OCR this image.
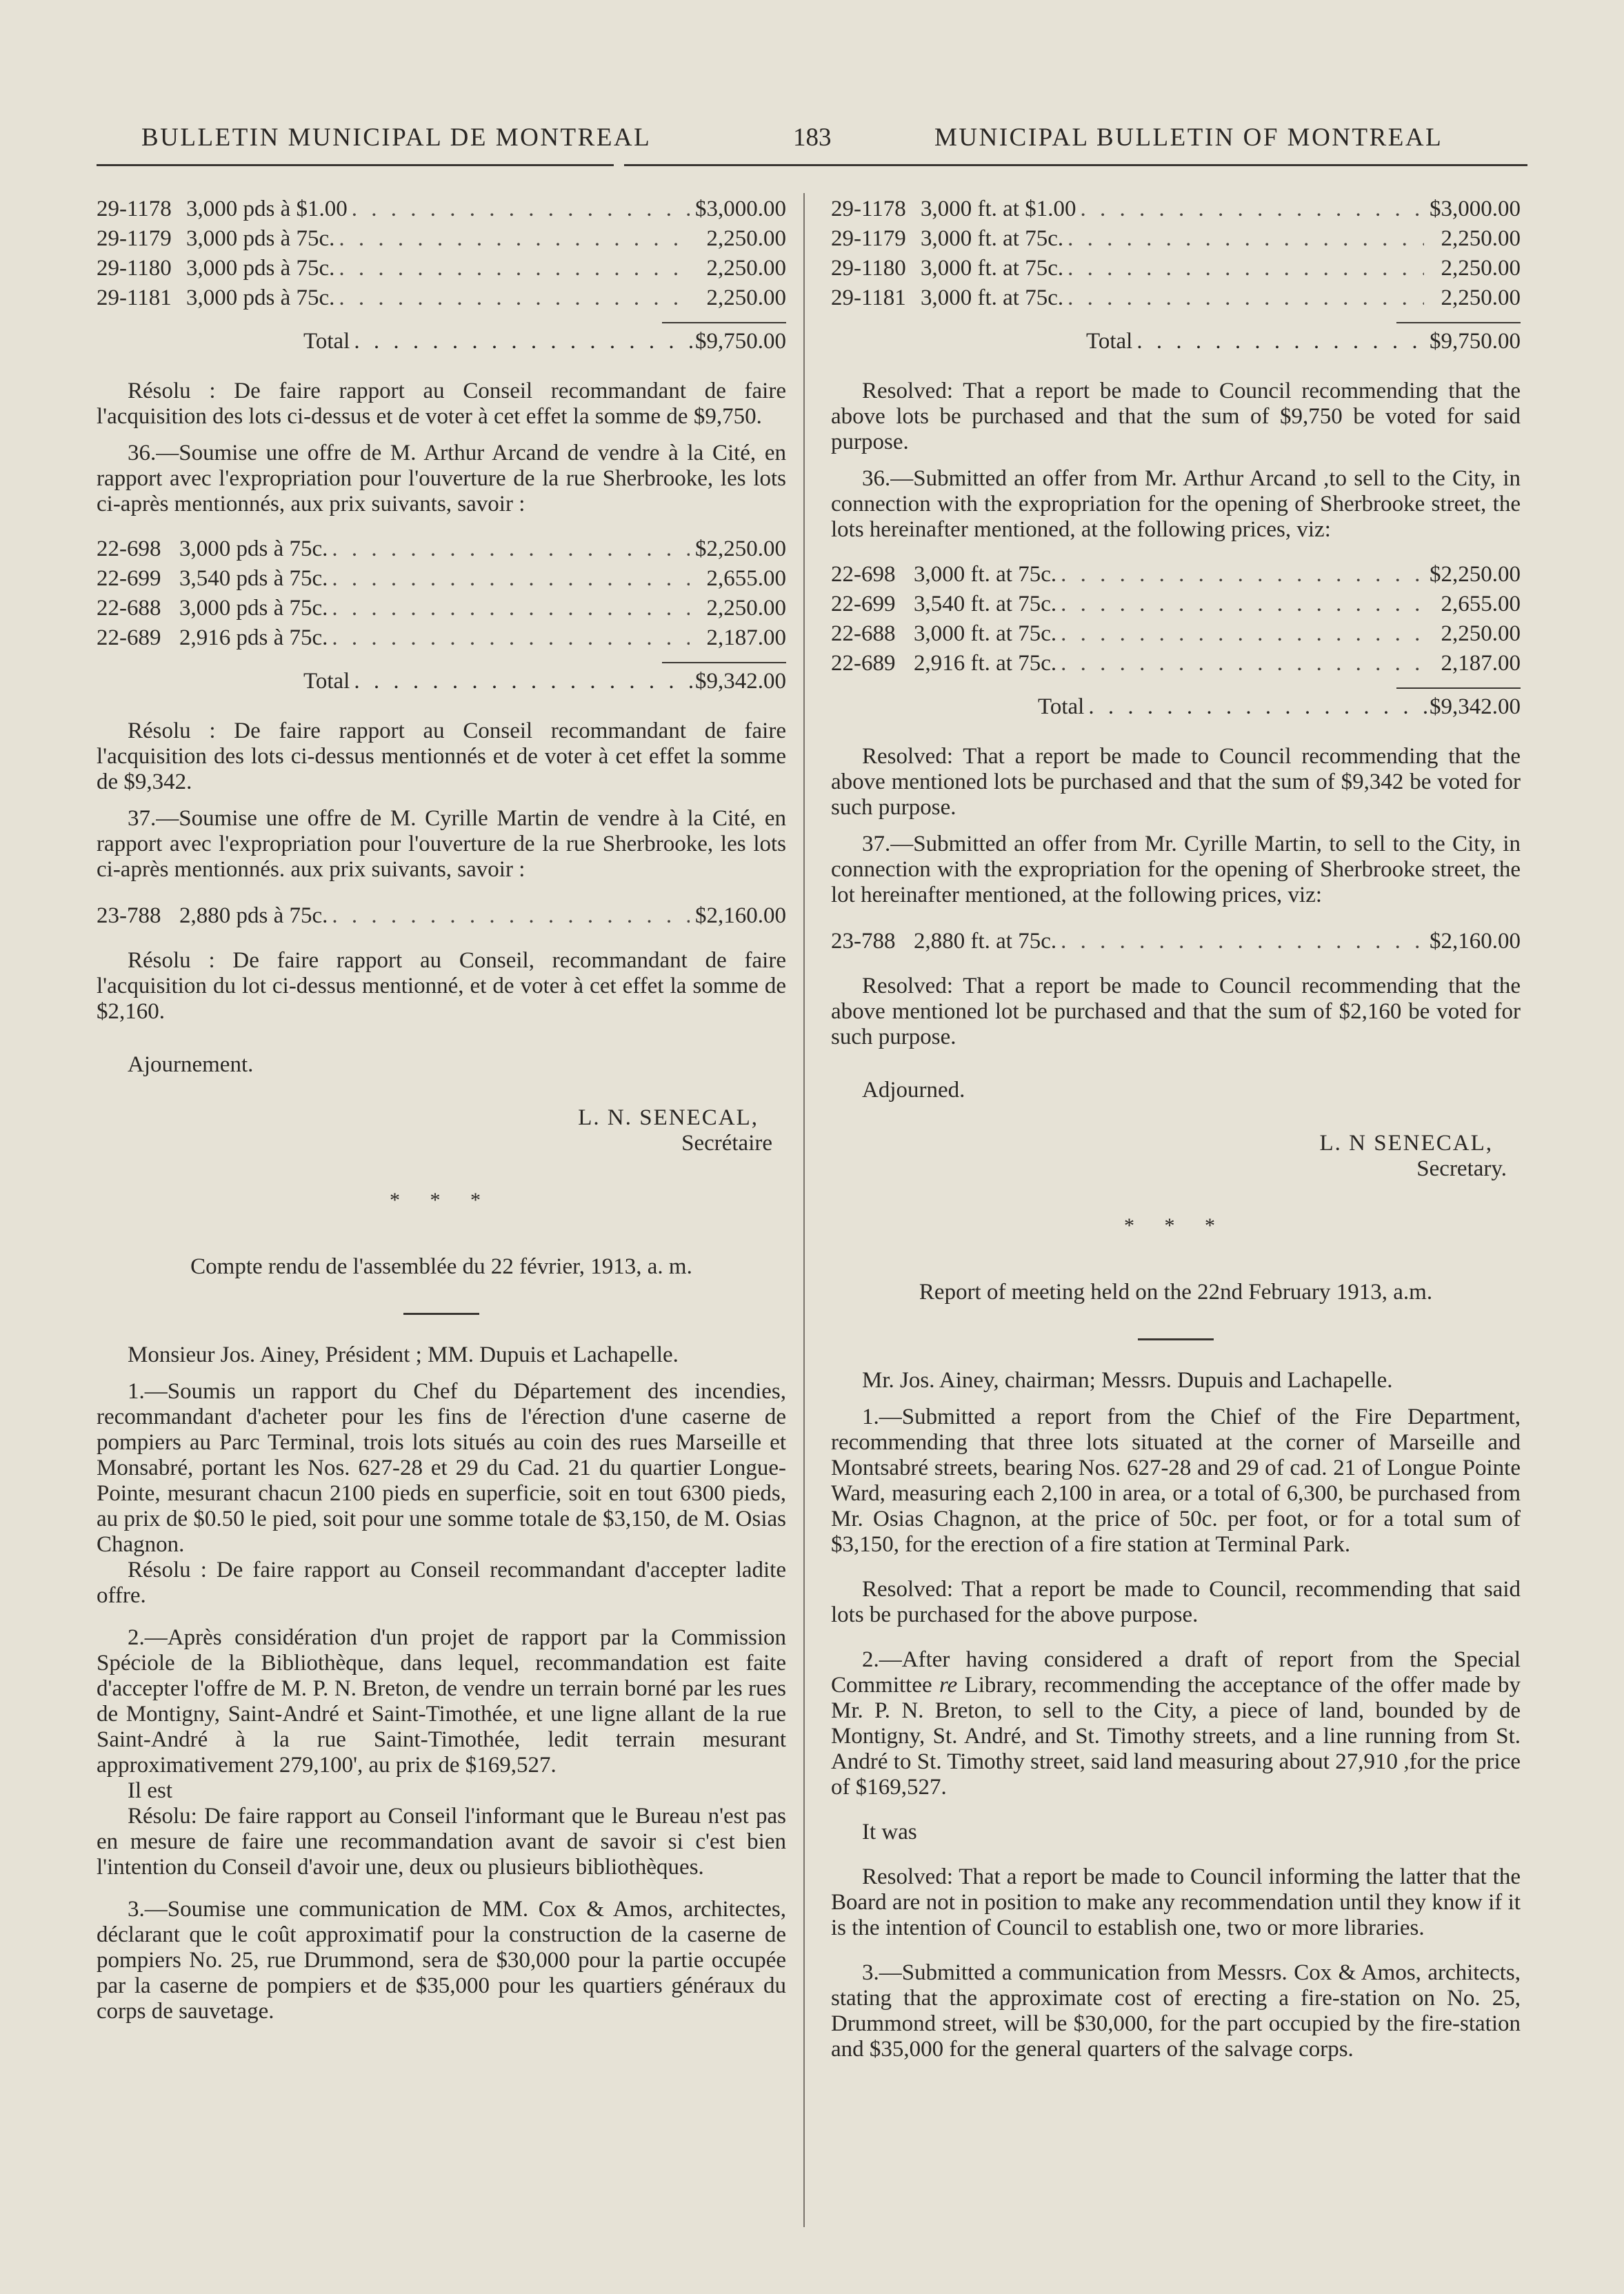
BULLETIN MUNICIPAL DE MONTREAL	183	MUNICIPAL BULLETIN OF MONTREAL
29-1178 3,000 pds à $1.00 . . .	$3,000.00
29-1179 3,000 pds à 75c. . . .	2,250.00
29-1180 3,000 pds à 75c. . . .	2,250.00
29-1181 3,000 pds à 75c. . . .	2,250.00
Total . . .	$9,750.00

Résolu : De faire rapport au Conseil recommandant de faire l'acquisition des lots ci-dessus et de voter à cet effet la somme de $9,750.

36.—Soumise une offre de M. Arthur Arcand de vendre à la Cité, en rapport avec l'expropriation pour l'ouverture de la rue Sherbrooke, les lots ci-après mentionnés, aux prix suivants, savoir :

22-698 3,000 pds à 75c. . . .	$2,250.00
22-699 3,540 pds à 75c. . . .	2,655.00
22-688 3,000 pds à 75c. . . .	2,250.00
22-689 2,916 pds à 75c. . . .	2,187.00
Total . . .	$9,342.00

Résolu : De faire rapport au Conseil recommandant de faire l'acquisition des lots ci-dessus mentionnés et de voter à cet effet la somme de $9,342.

37.—Soumise une offre de M. Cyrille Martin de vendre à la Cité, en rapport avec l'expropriation pour l'ouverture de la rue Sherbrooke, les lots ci-après mentionnés. aux prix suivants, savoir :

23-788 2,880 pds à 75c. . . .	$2,160.00

Résolu : De faire rapport au Conseil, recommandant de faire l'acquisition du lot ci-dessus mentionné, et de voter à cet effet la somme de $2,160.

Ajournement.

L. N. SENECAL,
Secrétaire
* * *
Compte rendu de l'assemblée du 22 février, 1913, a. m.

Monsieur Jos. Ainey, Président ; MM. Dupuis et Lachapelle.

1.—Soumis un rapport du Chef du Département des incendies, recommandant d'acheter pour les fins de l'érection d'une caserne de pompiers au Parc Terminal, trois lots situés au coin des rues Marseille et Monsabré, portant les Nos. 627-28 et 29 du Cad. 21 du quartier Longue-Pointe, mesurant chacun 2100 pieds en superficie, soit en tout 6300 pieds, au prix de $0.50 le pied, soit pour une somme totale de $3,150, de M. Osias Chagnon.

Résolu : De faire rapport au Conseil recommandant d'accepter ladite offre.

2.—Après considération d'un projet de rapport par la Commission Spéciole de la Bibliothèque, dans lequel, recommandation est faite d'accepter l'offre de M. P. N. Breton, de vendre un terrain borné par les rues de Montigny, Saint-André et Saint-Timothée, et une ligne allant de la rue Saint-André à la rue Saint-Timothée, ledit terrain mesurant approximativement 279,100', au prix de $169,527.

Il est

Résolu: De faire rapport au Conseil l'informant que le Bureau n'est pas en mesure de faire une recommandation avant de savoir si c'est bien l'intention du Conseil d'avoir une, deux ou plusieurs bibliothèques.

3.—Soumise une communication de MM. Cox & Amos, architectes, déclarant que le coût approximatif pour la construction de la caserne de pompiers No. 25, rue Drummond, sera de $30,000 pour la partie occupée par la caserne de pompiers et de $35,000 pour les quartiers généraux du corps de sauvetage.

29-1178 3,000 ft. at $1.00 . . .	$3,000.00
29-1179 3,000 ft. at 75c. . . .	2,250.00
29-1180 3,000 ft. at 75c. . . .	2,250.00
29-1181 3,000 ft. at 75c. . . .	2,250.00
Total . . .	$9,750.00

Resolved: That a report be made to Council recommending that the above lots be purchased and that the sum of $9,750 be voted for said purpose.

36.—Submitted an offer from Mr. Arthur Arcand ,to sell to the City, in connection with the expropriation for the opening of Sherbrooke street, the lots hereinafter mentioned, at the following prices, viz:

22-698 3,000 ft. at 75c. . . .	$2,250.00
22-699 3,540 ft. at 75c. . . .	2,655.00
22-688 3,000 ft. at 75c. . . .	2,250.00
22-689 2,916 ft. at 75c. . . .	2,187.00
Total . . .	$9,342.00

Resolved: That a report be made to Council recommending that the above mentioned lots be purchased and that the sum of $9,342 be voted for such purpose.

37.—Submitted an offer from Mr. Cyrille Martin, to sell to the City, in connection with the expropriation for the opening of Sherbrooke street, the lot hereinafter mentioned, at the following prices, viz:

23-788 2,880 ft. at 75c. . . .	$2,160.00

Resolved: That a report be made to Council recommending that the above mentioned lot be purchased and that the sum of $2,160 be voted for such purpose.

Adjourned.

L. N SENECAL,
Secretary.
* * *
Report of meeting held on the 22nd February 1913, a.m.

Mr. Jos. Ainey, chairman; Messrs. Dupuis and Lachapelle.

1.—Submitted a report from the Chief of the Fire Department, recommending that three lots situated at the corner of Marseille and Montsabré streets, bearing Nos. 627-28 and 29 of cad. 21 of Longue Pointe Ward, measuring each 2,100 in area, or a total of 6,300, be purchased from Mr. Osias Chagnon, at the price of 50c. per foot, or for a total sum of $3,150, for the erection of a fire station at Terminal Park.

Resolved: That a report be made to Council, recommending that said lots be purchased for the above purpose.

2.—After having considered a draft of report from the Special Committee re Library, recommending the acceptance of the offer made by Mr. P. N. Breton, to sell to the City, a piece of land, bounded by de Montigny, St. André, and St. Timothy streets, and a line running from St. André to St. Timothy street, said land measuring about 27,910 ,for the price of $169,527.

It was

Resolved: That a report be made to Council informing the latter that the Board are not in position to make any recommendation until they know if it is the intention of Council to establish one, two or more libraries.

3.—Submitted a communication from Messrs. Cox & Amos, architects, stating that the approximate cost of erecting a fire-station on No. 25, Drummond street, will be $30,000, for the part occupied by the fire-station and $35,000 for the general quarters of the salvage corps.
